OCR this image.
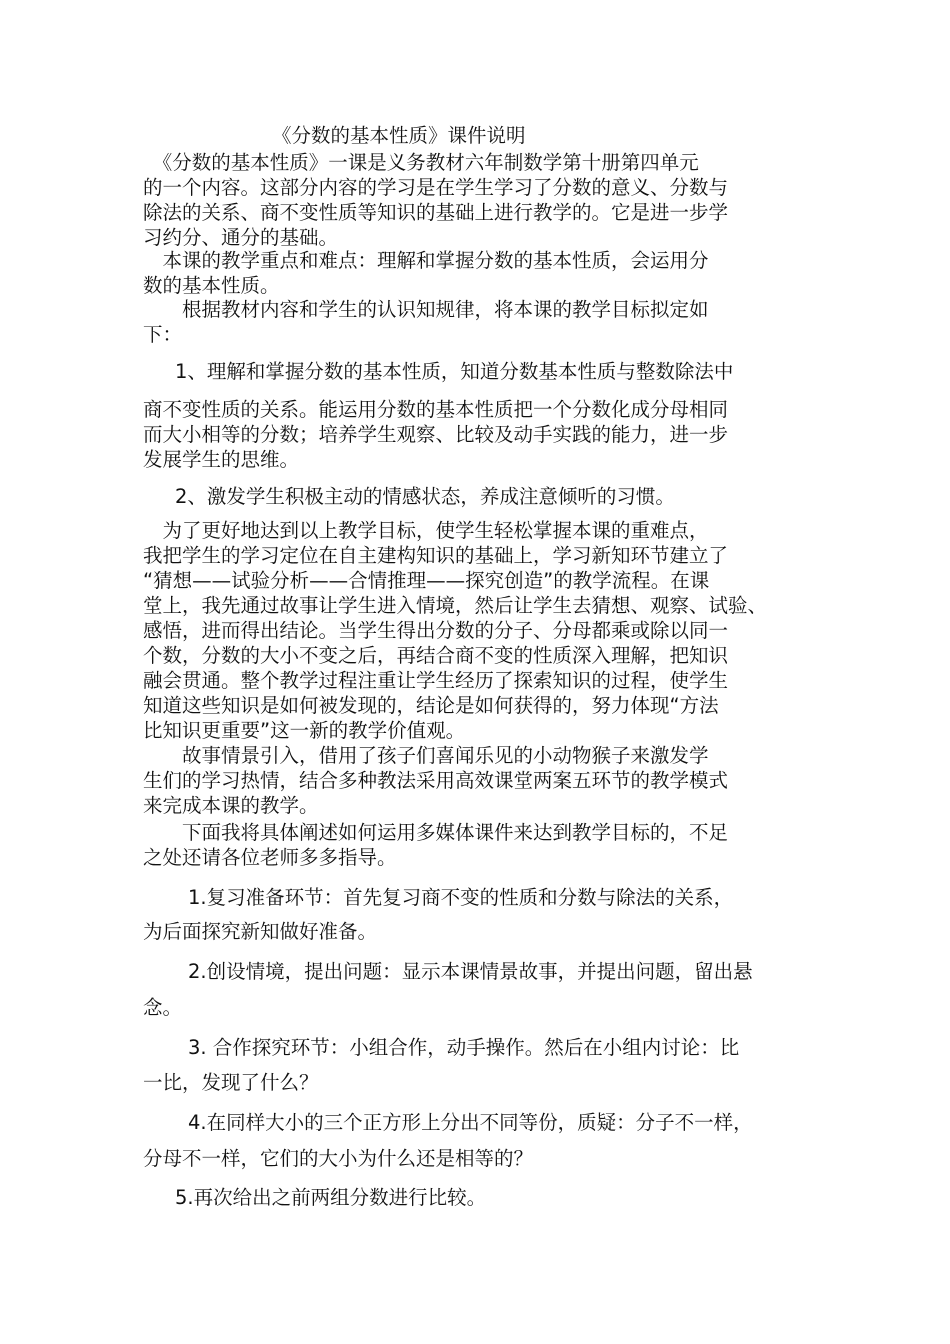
《分数的基本性质》课件说明
　《分数的基本性质》一课是义务教材六年制数学第十册第四单元
的一个内容。这部分内容的学习是在学生学习了分数的意义、分数与
除法的关系、商不变性质等知识的基础上进行教学的。它是进一步学
习约分、通分的基础。
　本课的教学重点和难点：理解和掌握分数的基本性质，会运用分
数的基本性质。
　　根据教材内容和学生的认识知规律，将本课的教学目标拟定如
下：
1、理解和掌握分数的基本性质，知道分数基本性质与整数除法中
商不变性质的关系。能运用分数的基本性质把一个分数化成分母相同
而大小相等的分数；培养学生观察、比较及动手实践的能力，进一步
发展学生的思维。
2、激发学生积极主动的情感状态，养成注意倾听的习惯。
　为了更好地达到以上教学目标，使学生轻松掌握本课的重难点，
我把学生的学习定位在自主建构知识的基础上，学习新知环节建立了
“猜想——试验分析——合情推理——探究创造”的教学流程。在课
堂上，我先通过故事让学生进入情境，然后让学生去猜想、观察、试验、
感悟，进而得出结论。当学生得出分数的分子、分母都乘或除以同一
个数，分数的大小不变之后，再结合商不变的性质深入理解，把知识
融会贯通。整个教学过程注重让学生经历了探索知识的过程，使学生
知道这些知识是如何被发现的，结论是如何获得的，努力体现“方法
比知识更重要”这一新的教学价值观。
　　故事情景引入，借用了孩子们喜闻乐见的小动物猴子来激发学
生们的学习热情，结合多种教法采用高效课堂两案五环节的教学模式
来完成本课的教学。
　　下面我将具体阐述如何运用多媒体课件来达到教学目标的，不足
之处还请各位老师多多指导。
1.复习准备环节：首先复习商不变的性质和分数与除法的关系，
为后面探究新知做好准备。
2.创设情境，提出问题：显示本课情景故事，并提出问题，留出悬
念。
3. 合作探究环节：小组合作，动手操作。然后在小组内讨论：比
一比，发现了什么？
4.在同样大小的三个正方形上分出不同等份，质疑：分子不一样，
分母不一样，它们的大小为什么还是相等的？
5.再次给出之前两组分数进行比较。
